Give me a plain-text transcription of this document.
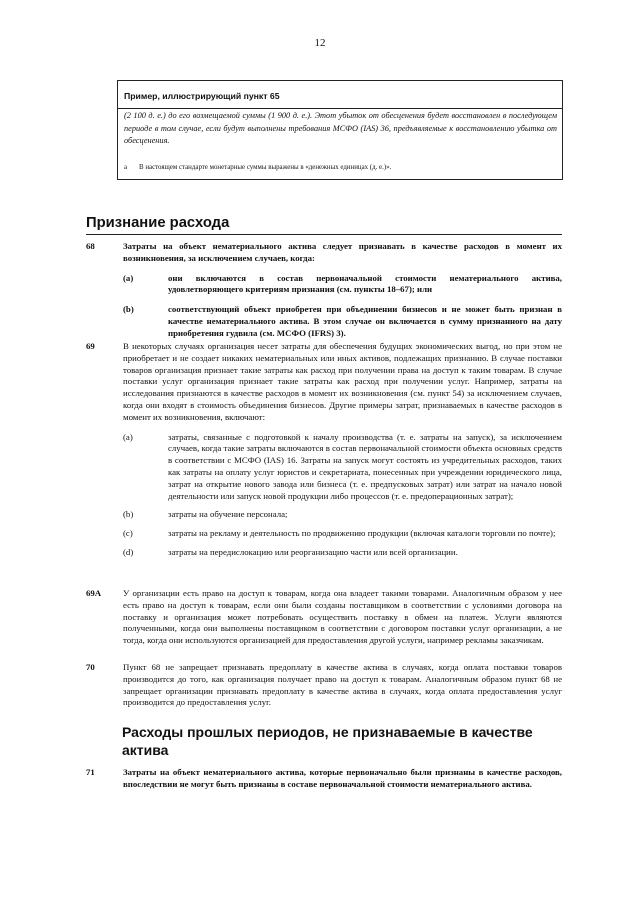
12
Пример, иллюстрирующий пункт 65
(2 100 д. е.) до его возмещаемой суммы (1 900 д. е.). Этот убыток от обесценения будет восстановлен в последующем периоде в том случае, если будут выполнены требования МСФО (IAS) 36, предъявляемые к восстановлению убытка от обесценения.
а В настоящем стандарте монетарные суммы выражены в «денежных единицах (д. е.)».
Признание расхода
68	Затраты на объект нематериального актива следует признавать в качестве расходов в момент их возникновения, за исключением случаев, когда:
(а)	они включаются в состав первоначальной стоимости нематериального актива, удовлетворяющего критериям признания (см. пункты 18–67); или
(b)	соответствующий объект приобретен при объединении бизнесов и не может быть признан в качестве нематериального актива. В этом случае он включается в сумму признанного на дату приобретения гудвила (см. МСФО (IFRS) 3).
69	В некоторых случаях организация несет затраты для обеспечения будущих экономических выгод, но при этом не приобретает и не создает никаких нематериальных или иных активов, подлежащих признанию. В случае поставки товаров организация признает такие затраты как расход при получении права на доступ к таким товарам. В случае поставки услуг организация признает такие затраты как расход при получении услуг. Например, затраты на исследования признаются в качестве расходов в момент их возникновения (см. пункт 54) за исключением случаев, когда они входят в стоимость объединения бизнесов. Другие примеры затрат, признаваемых в качестве расходов в момент их возникновения, включают:
(а)	затраты, связанные с подготовкой к началу производства (т. е. затраты на запуск), за исключением случаев, когда такие затраты включаются в состав первоначальной стоимости объекта основных средств в соответствии с МСФО (IAS) 16. Затраты на запуск могут состоять из учредительных расходов, таких как затраты на оплату услуг юристов и секретариата, понесенных при учреждении юридического лица, затрат на открытие нового завода или бизнеса (т. е. предпусковых затрат) или затрат на начало новой деятельности или запуск новой продукции либо процессов (т. е. предоперационных затрат);
(b)	затраты на обучение персонала;
(c)	затраты на рекламу и деятельность по продвижению продукции (включая каталоги торговли по почте);
(d)	затраты на передислокацию или реорганизацию части или всей организации.
69A У организации есть право на доступ к товарам, когда она владеет такими товарами. Аналогичным образом у нее есть право на доступ к товарам, если они были созданы поставщиком в соответствии с условиями договора на поставку и организация может потребовать осуществить поставку в обмен на платеж. Услуги являются полученными, когда они выполнены поставщиком в соответствии с договором поставки услуг организации, а не тогда, когда они используются организацией для предоставления другой услуги, например рекламы заказчикам.
70	Пункт 68 не запрещает признавать предоплату в качестве актива в случаях, когда оплата поставки товаров производится до того, как организация получает право на доступ к товарам. Аналогичным образом пункт 68 не запрещает организации признавать предоплату в качестве актива в случаях, когда оплата предоставления услуг производится до предоставления услуг.
Расходы прошлых периодов, не признаваемые в качестве актива
71	Затраты на объект нематериального актива, которые первоначально были признаны в качестве расходов, впоследствии не могут быть признаны в составе первоначальной стоимости нематериального актива.
